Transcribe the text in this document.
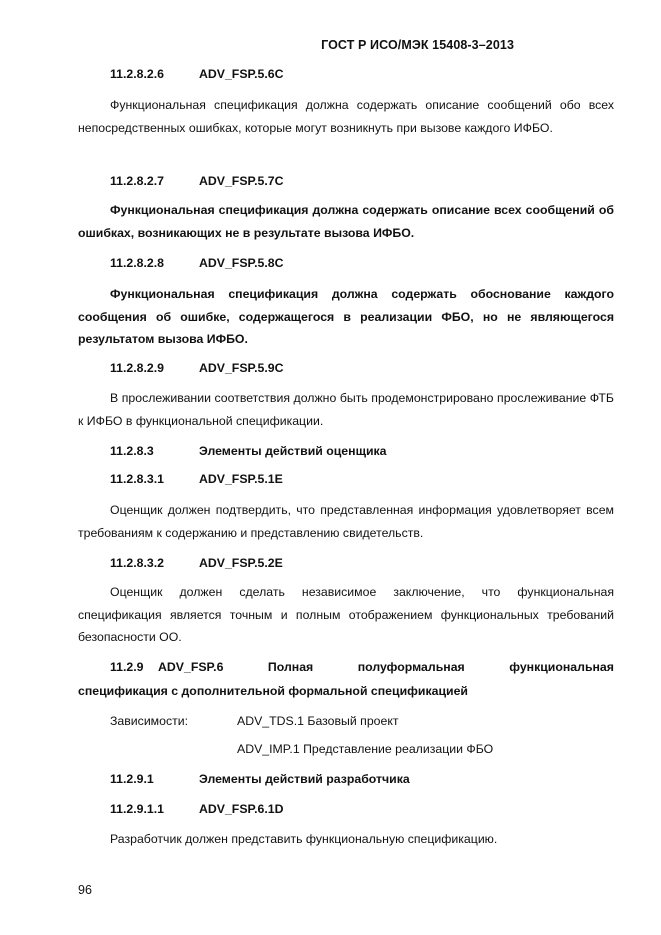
ГОСТ Р ИСО/МЭК 15408-3–2013
11.2.8.2.6	ADV_FSP.5.6C
Функциональная спецификация должна содержать описание сообщений обо всех непосредственных ошибках, которые могут возникнуть при вызове каждого ИФБО.
11.2.8.2.7	ADV_FSP.5.7C
Функциональная спецификация должна содержать описание всех сообщений об ошибках, возникающих не в результате вызова ИФБО.
11.2.8.2.8	ADV_FSP.5.8C
Функциональная спецификация должна содержать обоснование каждого сообщения об ошибке, содержащегося в реализации ФБО, но не являющегося результатом вызова ИФБО.
11.2.8.2.9	ADV_FSP.5.9C
В прослеживании соответствия должно быть продемонстрировано прослеживание ФТБ к ИФБО в функциональной спецификации.
11.2.8.3	Элементы действий оценщика
11.2.8.3.1	ADV_FSP.5.1E
Оценщик должен подтвердить, что представленная информация удовлетворяет всем требованиям к содержанию и представлению свидетельств.
11.2.8.3.2	ADV_FSP.5.2E
Оценщик должен сделать независимое заключение, что функциональная спецификация является точным и полным отображением функциональных требований безопасности ОО.
11.2.9 ADV_FSP.6	Полная	полуформальная	функциональная
спецификация с дополнительной формальной спецификацией
Зависимости:	ADV_TDS.1 Базовый проект
ADV_IMP.1 Представление реализации ФБО
11.2.9.1	Элементы действий разработчика
11.2.9.1.1	ADV_FSP.6.1D
Разработчик должен представить функциональную спецификацию.
96
